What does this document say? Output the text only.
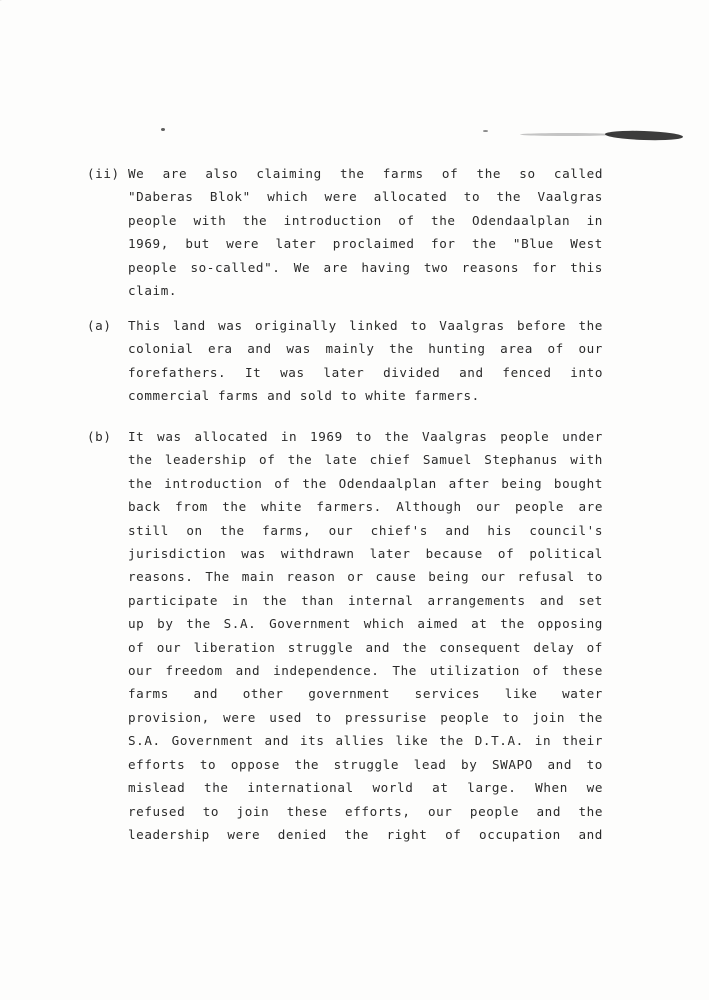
(ii) We are also claiming the farms of the so called
"Daberas Blok" which were allocated to the Vaalgras
people with the introduction of the Odendaalplan in
1969, but were later proclaimed for the "Blue West
people so-called". We are having two reasons for this
claim.
(a) This land was originally linked to Vaalgras before the
colonial era and was mainly the hunting area of our
forefathers. It was later divided and fenced into
commercial farms and sold to white farmers.
(b) It was allocated in 1969 to the Vaalgras people under
the leadership of the late chief Samuel Stephanus with
the introduction of the Odendaalplan after being bought
back from the white farmers. Although our people are
still on the farms, our chief's and his council's
jurisdiction was withdrawn later because of political
reasons. The main reason or cause being our refusal to
participate in the than internal arrangements and set
up by the S.A. Government which aimed at the opposing
of our liberation struggle and the consequent delay of
our freedom and independence. The utilization of these
farms and other government services like water
provision, were used to pressurise people to join the
S.A. Government and its allies like the D.T.A. in their
efforts to oppose the struggle lead by SWAPO and to
mislead the international world at large. When we
refused to join these efforts, our people and the
leadership were denied the right of occupation and
